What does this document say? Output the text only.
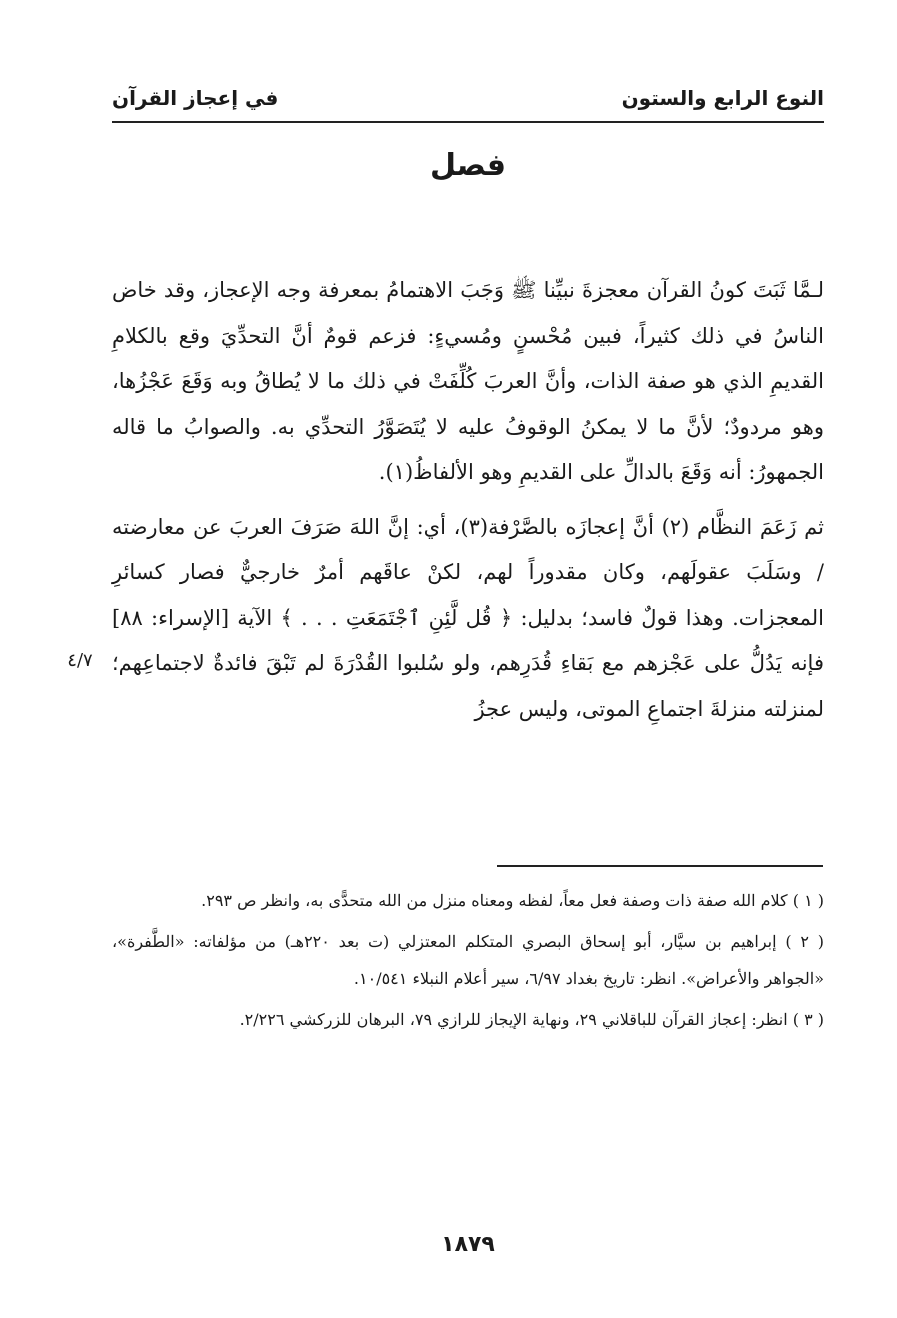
النوع الرابع والستون
في إعجاز القرآن
فصل

لـمَّا ثَبَتَ كونُ القرآن معجزةَ نبيِّنا ﷺ وَجَبَ الاهتمامُ بمعرفة وجه الإعجاز، وقد خاض الناسُ في ذلك كثيراً، فبين مُحْسنٍ ومُسيءٍ: فزعم قومٌ أنَّ التحدِّيَ وقع بالكلامِ القديمِ الذي هو صفة الذات، وأنَّ العربَ كُلِّفَتْ في ذلك ما لا يُطاقُ وبه وَقَعَ عَجْزُها، وهو مردودٌ؛ لأنَّ ما لا يمكنُ الوقوفُ عليه لا يُتَصَوَّرُ التحدِّي به. والصوابُ ما قاله الجمهورُ: أنه وَقَعَ بالدالِّ على القديمِ وهو الألفاظُ(١).

ثم زَعَمَ النظَّام (٢) أنَّ إعجازَه بالصَّرْفة(٣)، أي: إنَّ اللهَ صَرَفَ العربَ عن معارضته / وسَلَبَ عقولَهم، وكان مقدوراً لهم، لكنْ عاقَهم أمرٌ خارجيٌّ فصار كسائرِ المعجزات. وهذا قولٌ فاسد؛ بدليل: ﴿ قُل لَّئِنِ ٱجْتَمَعَتِ . . . ﴾ الآية [الإسراء: ٨٨] فإنه يَدُلُّ على عَجْزهم مع بَقاءِ قُدَرِهم، ولو سُلبوا القُدْرَةَ لم تَبْقَ فائدةٌ لاجتماعِهم؛ لمنزلته منزلةَ اجتماعِ الموتى، وليس عجزُ

٤/٧

( ١ ) كلام الله صفة ذات وصفة فعل معاً، لفظه ومعناه منزل من الله متحدًّى به، وانظر ص ٢٩٣.

( ٢ ) إبراهيم بن سيَّار، أبو إسحاق البصري المتكلم المعتزلي (ت بعد ٢٢٠هـ) من مؤلفاته: «الطَّفرة»، «الجواهر والأعراض». انظر: تاريخ بغداد ٦/٩٧، سير أعلام النبلاء ١٠/٥٤١.

( ٣ ) انظر: إعجاز القرآن للباقلاني ٢٩، ونهاية الإيجاز للرازي ٧٩، البرهان للزركشي ٢/٢٢٦.

١٨٧٩
